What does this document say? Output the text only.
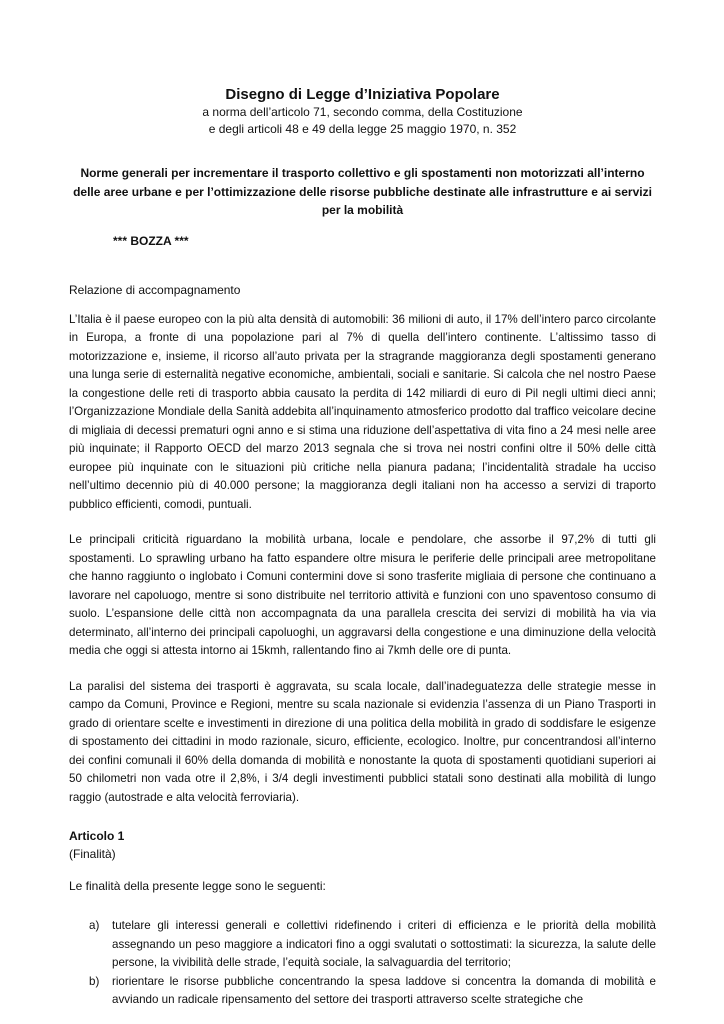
Disegno di Legge d’Iniziativa Popolare

a norma dell’articolo 71, secondo comma, della Costituzione

e degli articoli 48 e 49 della legge 25 maggio 1970, n. 352

Norme generali per incrementare il trasporto collettivo e gli spostamenti non motorizzati all’interno delle aree urbane e per l’ottimizzazione delle risorse pubbliche destinate alle infrastrutture e ai servizi per la mobilità

*** BOZZA ***
Relazione di accompagnamento

L’Italia è il paese europeo con la più alta densità di automobili: 36 milioni di auto, il 17% dell’intero parco circolante in Europa, a fronte di una popolazione pari al 7% di quella dell’intero continente. L’altissimo tasso di motorizzazione e, insieme, il ricorso all’auto privata per la stragrande maggioranza degli spostamenti generano una lunga serie di esternalità negative economiche, ambientali, sociali e sanitarie. Si calcola che nel nostro Paese la congestione delle reti di trasporto abbia causato la perdita di 142 miliardi di euro di Pil negli ultimi dieci anni; l’Organizzazione Mondiale della Sanità addebita all’inquinamento atmosferico prodotto dal traffico veicolare decine di migliaia di decessi prematuri ogni anno e si stima una riduzione dell’aspettativa di vita fino a 24 mesi nelle aree più inquinate; il Rapporto OECD del marzo 2013 segnala che si trova nei nostri confini oltre il 50% delle città europee più inquinate con le situazioni più critiche nella pianura padana; l’incidentalità stradale ha ucciso nell’ultimo decennio più di 40.000 persone; la maggioranza degli italiani non ha accesso a servizi di traporto pubblico efficienti, comodi, puntuali.

Le principali criticità riguardano la mobilità urbana, locale e pendolare, che assorbe il 97,2% di tutti gli spostamenti. Lo sprawling urbano ha fatto espandere oltre misura le periferie delle principali aree metropolitane che hanno raggiunto o inglobato i Comuni contermini dove si sono trasferite migliaia di persone che continuano a lavorare nel capoluogo, mentre si sono distribuite nel territorio attività e funzioni con uno spaventoso consumo di suolo. L’espansione delle città non accompagnata da una parallela crescita dei servizi di mobilità ha via via determinato, all’interno dei principali capoluoghi, un aggravarsi della congestione e una diminuzione della velocità media che oggi si attesta intorno ai 15kmh, rallentando fino ai 7kmh delle ore di punta.

La paralisi del sistema dei trasporti è aggravata, su scala locale, dall’inadeguatezza delle strategie messe in campo da Comuni, Province e Regioni, mentre su scala nazionale si evidenzia l’assenza di un Piano Trasporti in grado di orientare scelte e investimenti in direzione di una politica della mobilità in grado di soddisfare le esigenze di spostamento dei cittadini in modo razionale, sicuro, efficiente, ecologico. Inoltre, pur concentrandosi all’interno dei confini comunali il 60% della domanda di mobilità e nonostante la quota di spostamenti quotidiani superiori ai 50 chilometri non vada otre il 2,8%, i 3/4 degli investimenti pubblici statali sono destinati alla mobilità di lungo raggio (autostrade e alta velocità ferroviaria).

Articolo 1
(Finalità)
Le finalità della presente legge sono le seguenti:
a) tutelare gli interessi generali e collettivi ridefinendo i criteri di efficienza e le priorità della mobilità assegnando un peso maggiore a indicatori fino a oggi svalutati o sottostimati: la sicurezza, la salute delle persone, la vivibilità delle strade, l’equità sociale, la salvaguardia del territorio;
b) riorientare le risorse pubbliche concentrando la spesa laddove si concentra la domanda di mobilità e avviando un radicale ripensamento del settore dei trasporti attraverso scelte strategiche che
